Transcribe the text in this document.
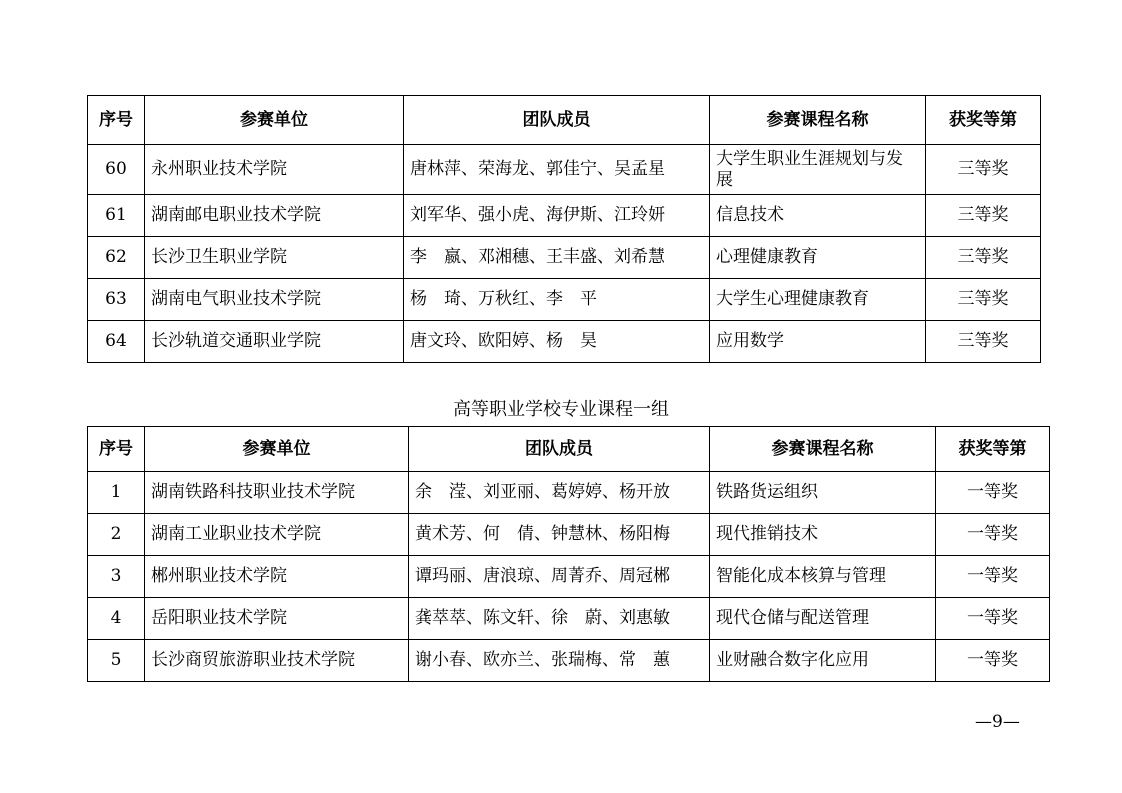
序号	参赛单位	团队成员	参赛课程名称	获奖等第
60	永州职业技术学院	唐林萍、荣海龙、郭佳宁、吴孟星	大学生职业生涯规划与发展	三等奖
61	湖南邮电职业技术学院	刘军华、强小虎、海伊斯、江玲妍	信息技术	三等奖
62	长沙卫生职业学院	李　嬴、邓湘穗、王丰盛、刘希慧	心理健康教育	三等奖
63	湖南电气职业技术学院	杨　琦、万秋红、李　平	大学生心理健康教育	三等奖
64	长沙轨道交通职业学院	唐文玲、欧阳婷、杨　昊	应用数学	三等奖
高等职业学校专业课程一组
序号	参赛单位	团队成员	参赛课程名称	获奖等第
1	湖南铁路科技职业技术学院	余　滢、刘亚丽、葛婷婷、杨开放	铁路货运组织	一等奖
2	湖南工业职业技术学院	黄术芳、何　倩、钟慧林、杨阳梅	现代推销技术	一等奖
3	郴州职业技术学院	谭玛丽、唐浪琼、周菁乔、周冠郴	智能化成本核算与管理	一等奖
4	岳阳职业技术学院	龚萃萃、陈文轩、徐　蔚、刘惠敏	现代仓储与配送管理	一等奖
5	长沙商贸旅游职业技术学院	谢小春、欧亦兰、张瑞梅、常　蕙	业财融合数字化应用	一等奖
—9—
